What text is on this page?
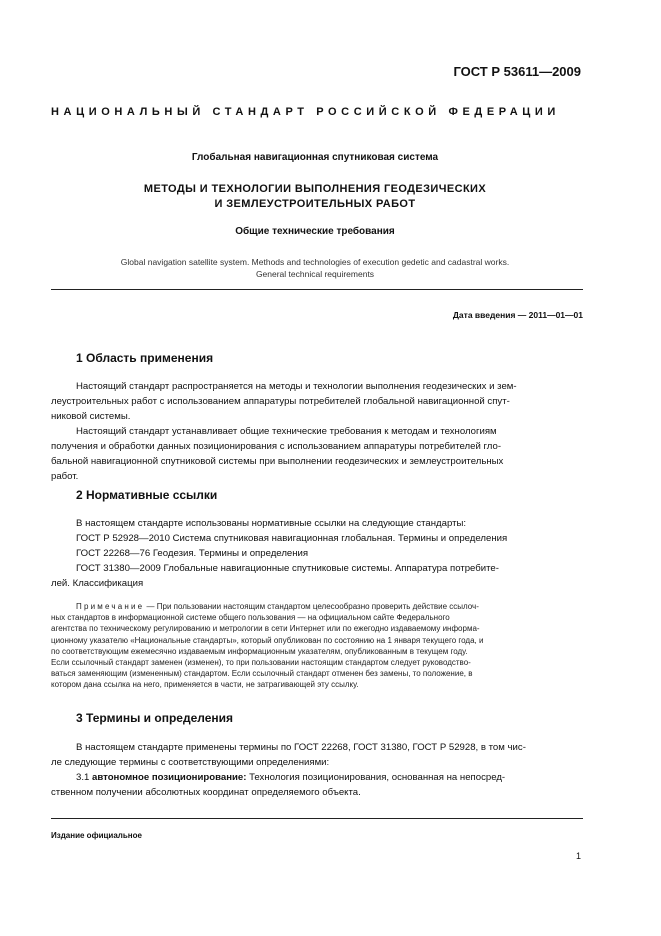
ГОСТ Р 53611—2009
НАЦИОНАЛЬНЫЙ СТАНДАРТ РОССИЙСКОЙ ФЕДЕРАЦИИ
Глобальная навигационная спутниковая система
МЕТОДЫ И ТЕХНОЛОГИИ ВЫПОЛНЕНИЯ ГЕОДЕЗИЧЕСКИХ
И ЗЕМЛЕУСТРОИТЕЛЬНЫХ РАБОТ
Общие технические требования
Global navigation satellite system. Methods and technologies of execution gedetic and cadastral works.
General technical requirements
Дата введения — 2011—01—01
1 Область применения
Настоящий стандарт распространяется на методы и технологии выполнения геодезических и зем-
леустроительных работ с использованием аппаратуры потребителей глобальной навигационной спут-
никовой системы.
Настоящий стандарт устанавливает общие технические требования к методам и технологиям
получения и обработки данных позиционирования с использованием аппаратуры потребителей гло-
бальной навигационной спутниковой системы при выполнении геодезических и землеустроительных
работ.
2 Нормативные ссылки
В настоящем стандарте использованы нормативные ссылки на следующие стандарты:
ГОСТ Р 52928—2010 Система спутниковая навигационная глобальная. Термины и определения
ГОСТ 22268—76 Геодезия. Термины и определения
ГОСТ 31380—2009 Глобальные навигационные спутниковые системы. Аппаратура потребите-
лей. Классификация
Примечание — При пользовании настоящим стандартом целесообразно проверить действие ссылоч-
ных стандартов в информационной системе общего пользования — на официальном сайте Федерального
агентства по техническому регулированию и метрологии в сети Интернет или по ежегодно издаваемому информа-
ционному указателю «Национальные стандарты», который опубликован по состоянию на 1 января текущего года, и
по соответствующим ежемесячно издаваемым информационным указателям, опубликованным в текущем году.
Если ссылочный стандарт заменен (изменен), то при пользовании настоящим стандартом следует руководство-
ваться заменяющим (измененным) стандартом. Если ссылочный стандарт отменен без замены, то положение, в
котором дана ссылка на него, применяется в части, не затрагивающей эту ссылку.
3 Термины и определения
В настоящем стандарте применены термины по ГОСТ 22268, ГОСТ 31380, ГОСТ Р 52928, в том чис-
ле следующие термины с соответствующими определениями:
3.1 автономное позиционирование: Технология позиционирования, основанная на непосред-
ственном получении абсолютных координат определяемого объекта.
Издание официальное
1
